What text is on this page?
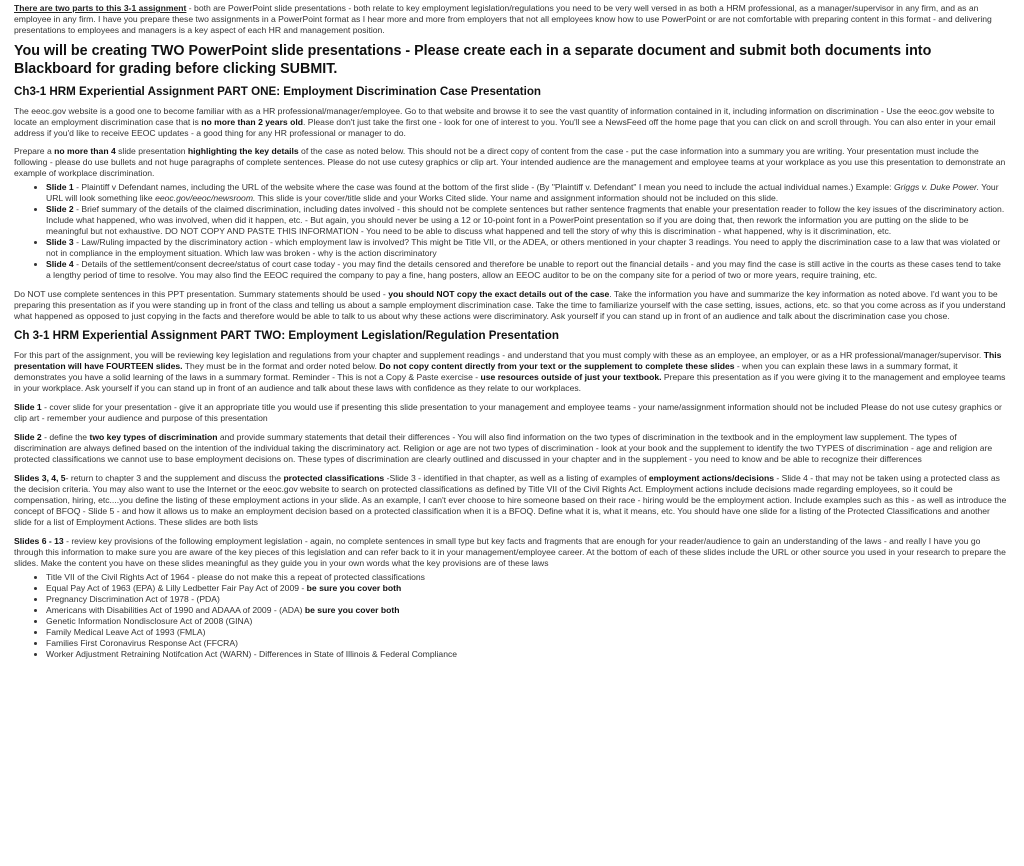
There are two parts to this 3-1 assignment - both are PowerPoint slide presentations - both relate to key employment legislation/regulations you need to be very well versed in as both a HRM professional, as a manager/supervisor in any firm, and as an employee in any firm. I have you prepare these two assignments in a PowerPoint format as I hear more and more from employers that not all employees know how to use PowerPoint or are not comfortable with preparing content in this format - and delivering presentations to employees and managers is a key aspect of each HR and management position.

You will be creating TWO PowerPoint slide presentations - Please create each in a separate document and submit both documents into Blackboard for grading before clicking SUBMIT.
Ch3-1 HRM Experiential Assignment PART ONE: Employment Discrimination Case Presentation

The eeoc.gov website is a good one to become familiar with as a HR professional/manager/employee. Go to that website and browse it to see the vast quantity of information contained in it, including information on discrimination - Use the eeoc.gov website to locate an employment discrimination case that is no more than 2 years old. Please don't just take the first one - look for one of interest to you. You'll see a NewsFeed off the home page that you can click on and scroll through. You can also enter in your email address if you'd like to receive EEOC updates - a good thing for any HR professional or manager to do.

Prepare a no more than 4 slide presentation highlighting the key details of the case as noted below. This should not be a direct copy of content from the case - put the case information into a summary you are writing. Your presentation must include the following - please do use bullets and not huge paragraphs of complete sentences. Please do not use cutesy graphics or clip art. Your intended audience are the management and employee teams at your workplace as you use this presentation to demonstrate an example of workplace discrimination.

• Slide 1 - Plaintiff v Defendant names, including the URL of the website where the case was found at the bottom of the first slide - (By "Plaintiff v. Defendant" I mean you need to include the actual individual names.) Example: Griggs v. Duke Power. Your URL will look something like eeoc.gov/eeoc/newsroom. This slide is your cover/title slide and your Works Cited slide. Your name and assignment information should not be included on this slide.
• Slide 2 - Brief summary of the details of the claimed discrimination, including dates involved - this should not be complete sentences but rather sentence fragments that enable your presentation reader to follow the key issues of the discriminatory action. Include what happened, who was involved, when did it happen, etc. - But again, you should never be using a 12 or 10-point font in a PowerPoint presentation so if you are doing that, then rework the information you are putting on the slide to be meaningful but not exhaustive. DO NOT COPY AND PASTE THIS INFORMATION - You need to be able to discuss what happened and tell the story of why this is discrimination - what happened, why is it discrimination, etc.
• Slide 3 - Law/Ruling impacted by the discriminatory action - which employment law is involved? This might be Title VII, or the ADEA, or others mentioned in your chapter 3 readings. You need to apply the discrimination case to a law that was violated or not in compliance in the employment situation. Which law was broken - why is the action discriminatory
• Slide 4 - Details of the settlement/consent decree/status of court case today - you may find the details censored and therefore be unable to report out the financial details - and you may find the case is still active in the courts as these cases tend to take a lengthy period of time to resolve. You may also find the EEOC required the company to pay a fine, hang posters, allow an EEOC auditor to be on the company site for a period of two or more years, require training, etc.

Do NOT use complete sentences in this PPT presentation. Summary statements should be used - you should NOT copy the exact details out of the case. Take the information you have and summarize the key information as noted above. I'd want you to be preparing this presentation as if you were standing up in front of the class and telling us about a sample employment discrimination case. Take the time to familiarize yourself with the case setting, issues, actions, etc. so that you come across as if you understand what happened as opposed to just copying in the facts and therefore would be able to talk to us about why these actions were discriminatory. Ask yourself if you can stand up in front of an audience and talk about the discrimination case you chose.

Ch 3-1 HRM Experiential Assignment PART TWO: Employment Legislation/Regulation Presentation

For this part of the assignment, you will be reviewing key legislation and regulations from your chapter and supplement readings - and understand that you must comply with these as an employee, an employer, or as a HR professional/manager/supervisor. This presentation will have FOURTEEN slides. They must be in the format and order noted below. Do not copy content directly from your text or the supplement to complete these slides - when you can explain these laws in a summary format, it demonstrates you have a solid learning of the laws in a summary format. Reminder - This is not a Copy & Paste exercise - use resources outside of just your textbook. Prepare this presentation as if you were giving it to the management and employee teams in your workplace. Ask yourself if you can stand up in front of an audience and talk about these laws with confidence as they relate to our workplaces.

Slide 1 - cover slide for your presentation - give it an appropriate title you would use if presenting this slide presentation to your management and employee teams - your name/assignment information should not be included Please do not use cutesy graphics or clip art - remember your audience and purpose of this presentation

Slide 2 - define the two key types of discrimination and provide summary statements that detail their differences - You will also find information on the two types of discrimination in the textbook and in the employment law supplement. The types of discrimination are always defined based on the intention of the individual taking the discriminatory act. Religion or age are not two types of discrimination - look at your book and the supplement to identify the two TYPES of discrimination - age and religion are protected classifications we cannot use to base employment decisions on. These types of discrimination are clearly outlined and discussed in your chapter and in the supplement - you need to know and be able to recognize their differences

Slides 3, 4, 5- return to chapter 3 and the supplement and discuss the protected classifications -Slide 3 - identified in that chapter, as well as a listing of examples of employment actions/decisions - Slide 4 - that may not be taken using a protected class as the decision criteria. You may also want to use the Internet or the eeoc.gov website to search on protected classifications as defined by Title VII of the Civil Rights Act. Employment actions include decisions made regarding employees, so it could be compensation, hiring, etc....you define the listing of these employment actions in your slide. As an example, I can't ever choose to hire someone based on their race - hiring would be the employment action. Include examples such as this - as well as introduce the concept of BFOQ - Slide 5 - and how it allows us to make an employment decision based on a protected classification when it is a BFOQ. Define what it is, what it means, etc. You should have one slide for a listing of the Protected Classifications and another slide for a list of Employment Actions. These slides are both lists

Slides 6 - 13 - review key provisions of the following employment legislation - again, no complete sentences in small type but key facts and fragments that are enough for your reader/audience to gain an understanding of the laws - and really I have you go through this information to make sure you are aware of the key pieces of this legislation and can refer back to it in your management/employee career. At the bottom of each of these slides include the URL or other source you used in your research to prepare the slides. Make the content you have on these slides meaningful as they guide you in your own words what the key provisions are of these laws

• Title VII of the Civil Rights Act of 1964 - please do not make this a repeat of protected classifications
• Equal Pay Act of 1963 (EPA) & Lilly Ledbetter Fair Pay Act of 2009 - be sure you cover both
• Pregnancy Discrimination Act of 1978 - (PDA)
• Americans with Disabilities Act of 1990 and ADAAA of 2009 - (ADA) be sure you cover both
• Genetic Information Nondisclosure Act of 2008 (GINA)
• Family Medical Leave Act of 1993 (FMLA)
• Families First Coronavirus Response Act (FFCRA)
• Worker Adjustment Retraining Notifcation Act (WARN) - Differences in State of Illinois & Federal Compliance
